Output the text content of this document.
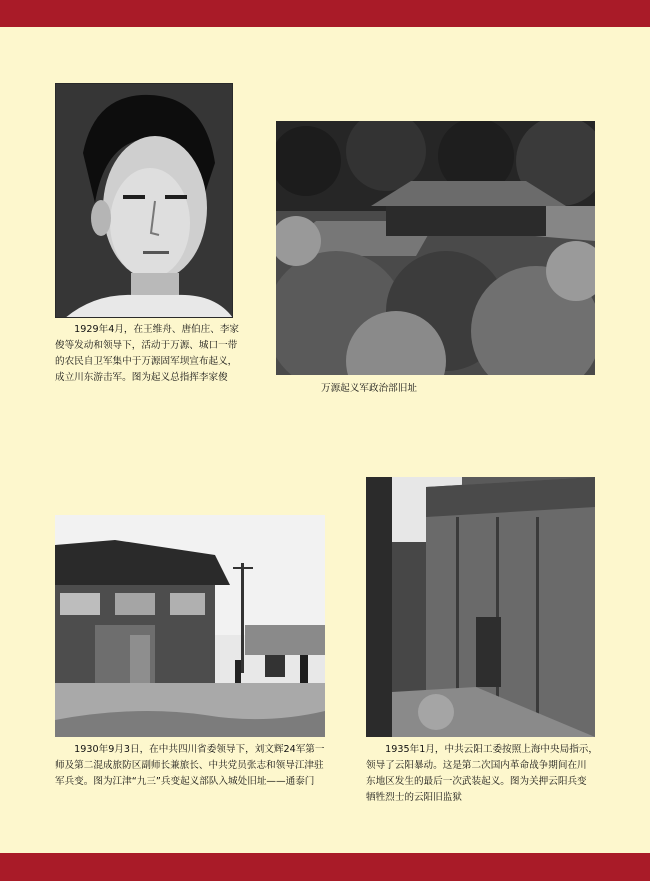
　　1929年4月，在王维舟、唐伯庄、李家
俊等发动和领导下，活动于万源、城口一带
的农民自卫军集中于万源固军坝宣布起义，
成立川东游击军。图为起义总指挥李家俊

万源起义军政治部旧址

　　1930年9月3日，在中共四川省委领导下，刘文辉24军第一
师及第二混成旅防区副师长兼旅长、中共党员张志和领导江津驻
军兵变。图为江津“九三”兵变起义部队入城处旧址——通泰门

　　1935年1月，中共云阳工委按照上海中央局指示，
领导了云阳暴动。这是第二次国内革命战争期间在川
东地区发生的最后一次武装起义。图为关押云阳兵变
牺牲烈士的云阳旧监狱
